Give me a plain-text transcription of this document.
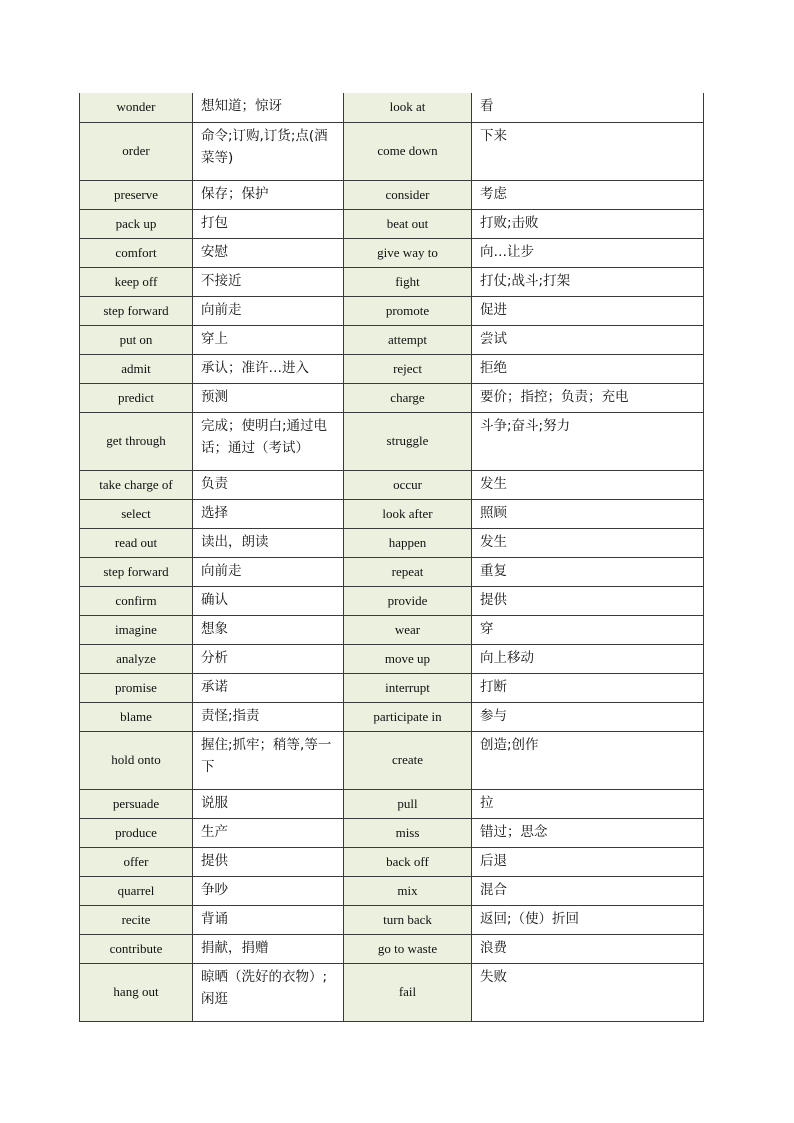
wonder	想知道；惊讶	look at	看
order	命令;订购,订货;点(酒菜等)	come down	下来
preserve	保存；保护	consider	考虑
pack up	打包	beat out	打败;击败
comfort	安慰	give way to	向…让步
keep off	不接近	fight	打仗;战斗;打架
step forward	向前走	promote	促进
put on	穿上	attempt	尝试
admit	承认；准许…进入	reject	拒绝
predict	预测	charge	要价；指控；负责；充电
get through	完成；使明白;通过电话；通过（考试）	struggle	斗争;奋斗;努力
take charge of	负责	occur	发生
select	选择	look after	照顾
read out	读出，朗读	happen	发生
step forward	向前走	repeat	重复
confirm	确认	provide	提供
imagine	想象	wear	穿
analyze	分析	move up	向上移动
promise	承诺	interrupt	打断
blame	责怪;指责	participate in	参与
hold onto	握住;抓牢；稍等,等一下	create	创造;创作
persuade	说服	pull	拉
produce	生产	miss	错过；思念
offer	提供	back off	后退
quarrel	争吵	mix	混合
recite	背诵	turn back	返回;（使）折回
contribute	捐献，捐赠	go to waste	浪费
hang out	晾晒（洗好的衣物）;闲逛	fail	失败
